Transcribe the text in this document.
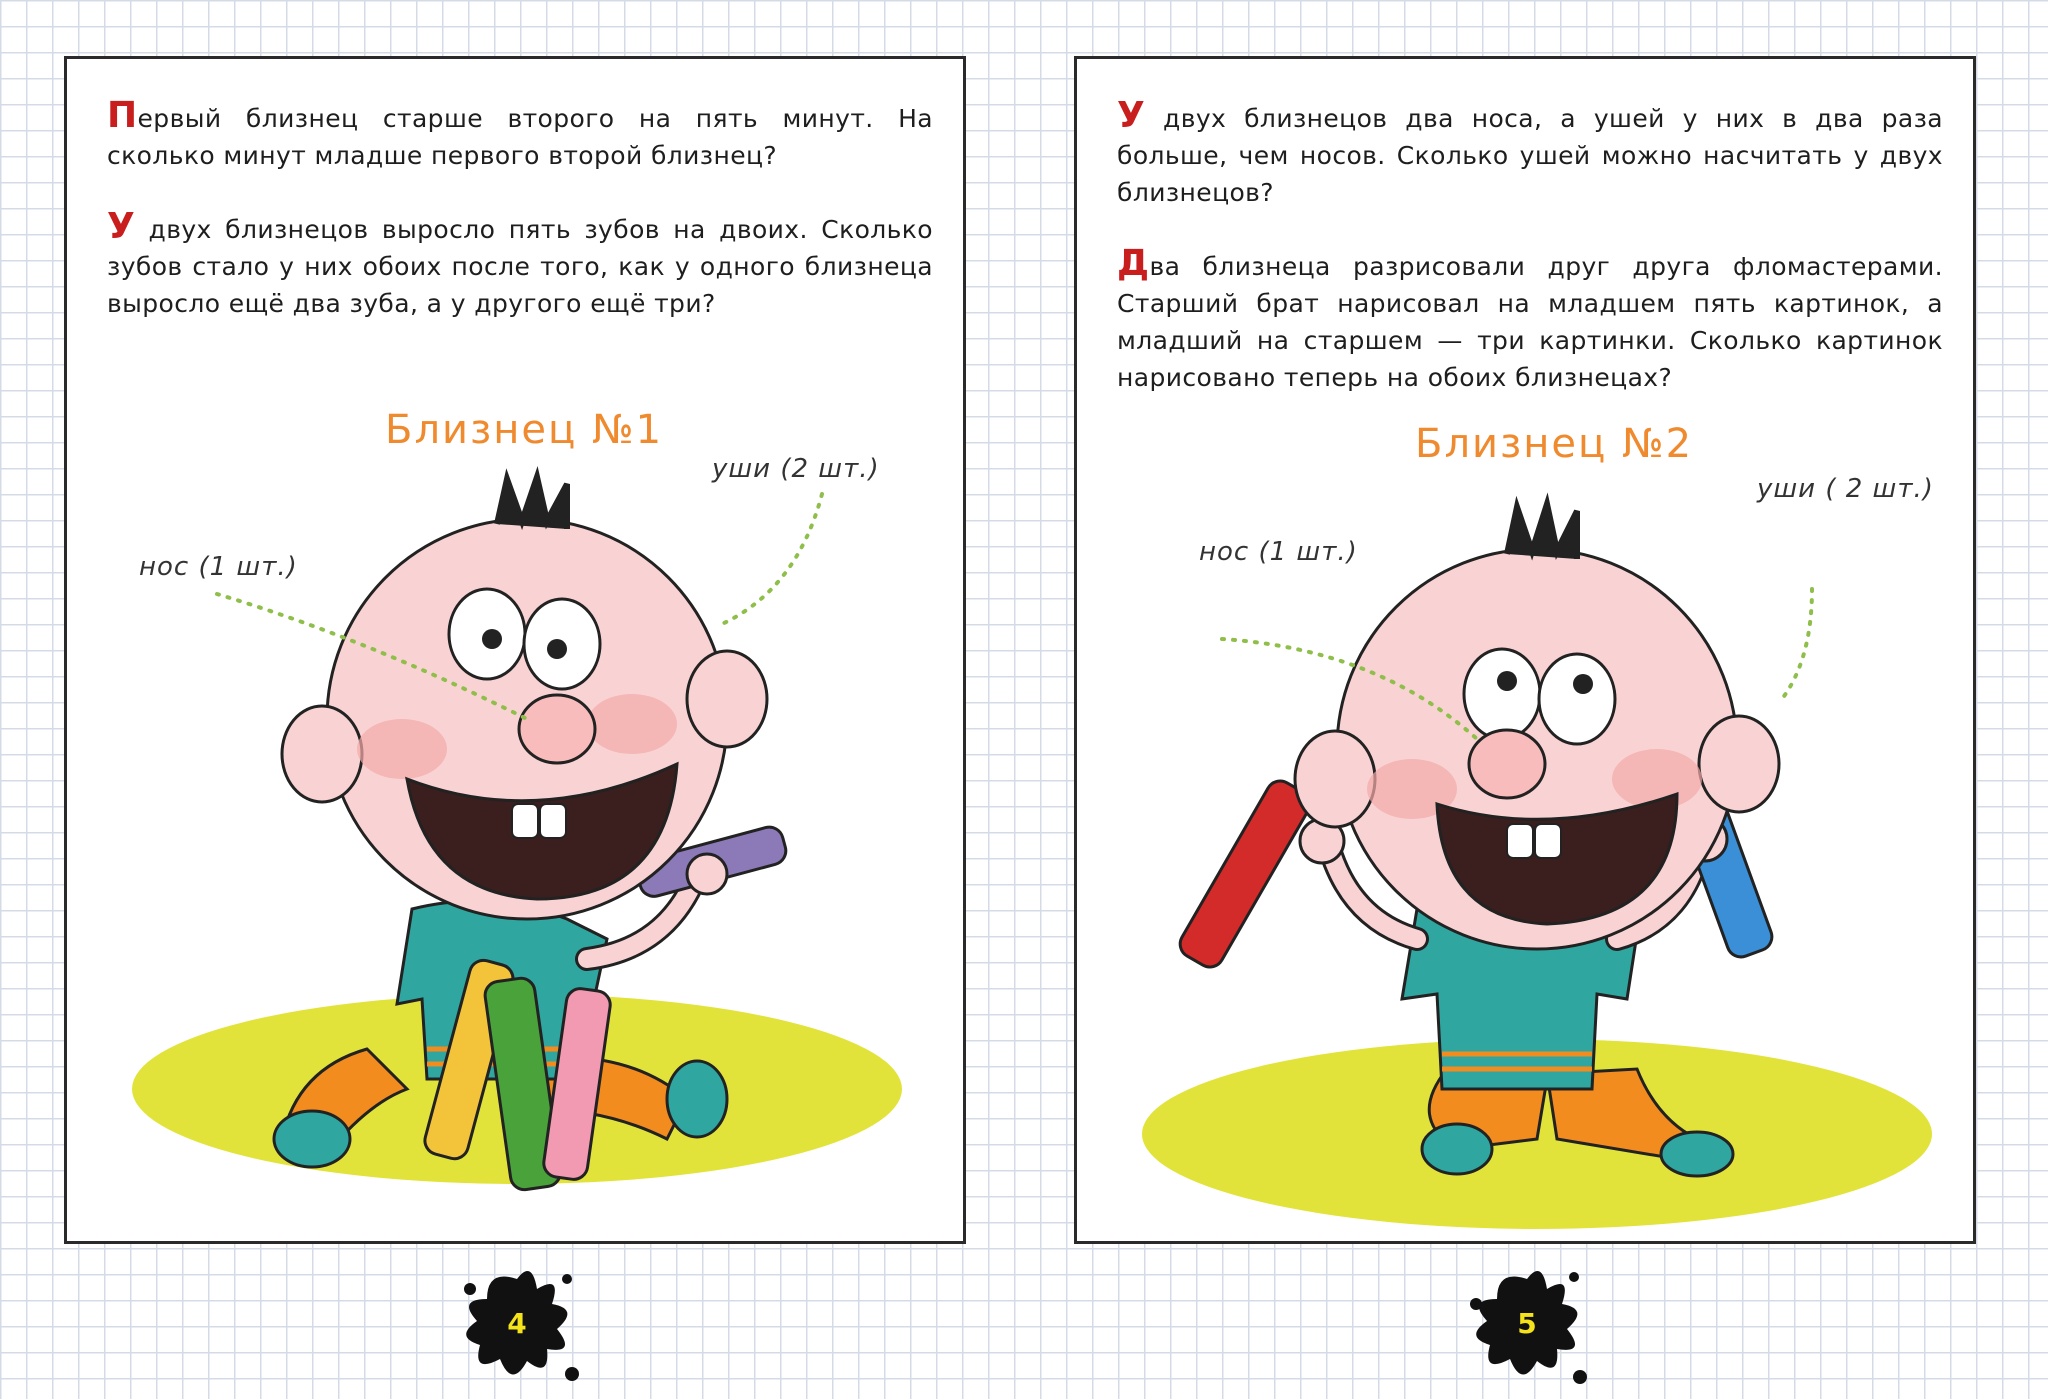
Первый близнец старше второго на пять минут. На сколько минут младше первого второй близнец?

У двух близнецов выросло пять зубов на двоих. Сколько зубов стало у них обоих после того, как у одного близнеца выросло ещё два зуба, а у другого ещё три?

Близнец №1
уши (2 шт.)
нос (1 шт.)
4

У двух близнецов два носа, а ушей у них в два раза больше, чем носов. Сколько ушей можно насчитать у двух близнецов?

Два близнеца разрисовали друг друга фломастерами. Старший брат нарисовал на младшем пять картинок, а младший на старшем — три картинки. Сколько картинок нарисовано теперь на обоих близнецах?

Близнец №2
уши ( 2 шт.)
нос (1 шт.)
5
